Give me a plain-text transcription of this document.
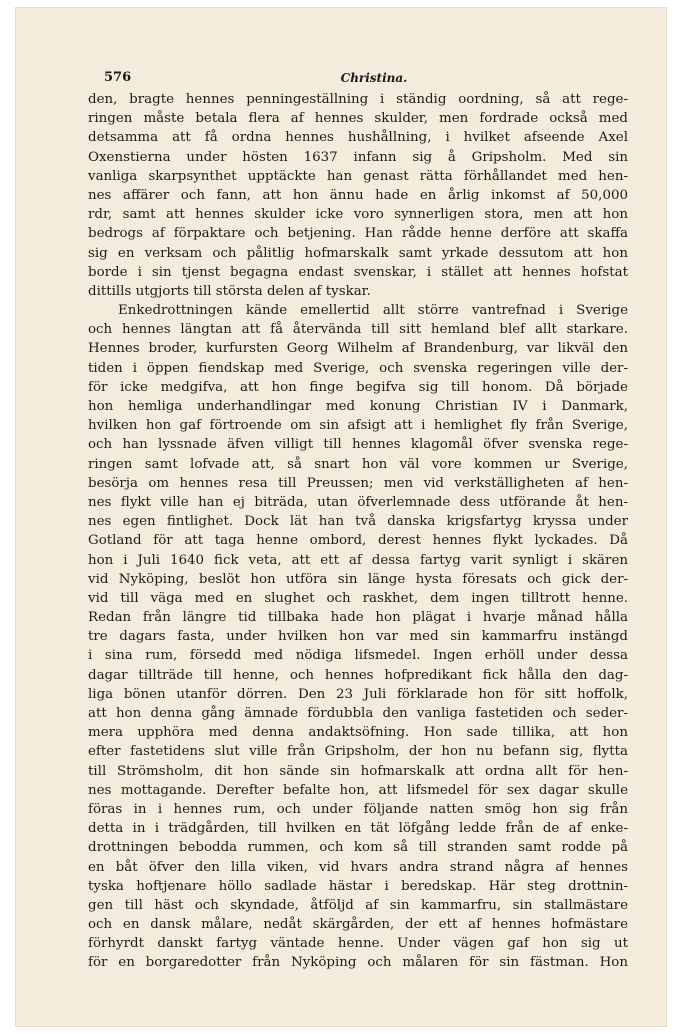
576	Christina.
den, bragte hennes penningeställning i ständig oordning, så att rege-
ringen måste betala flera af hennes skulder, men fordrade också med
detsamma att få ordna hennes hushållning, i hvilket afseende Axel
Oxenstierna under hösten 1637 infann sig å Gripsholm. Med sin
vanliga skarpsynthet upptäckte han genast rätta förhållandet med hen-
nes affärer och fann, att hon ännu hade en årlig inkomst af 50,000
rdr, samt att hennes skulder icke voro synnerligen stora, men att hon
bedrogs af förpaktare och betjening. Han rådde henne derföre att skaffa
sig en verksam och pålitlig hofmarskalk samt yrkade dessutom att hon
borde i sin tjenst begagna endast svenskar, i stället att hennes hofstat
dittills utgjorts till största delen af tyskar.
Enkedrottningen kände emellertid allt större vantrefnad i Sverige
och hennes längtan att få återvända till sitt hemland blef allt starkare.
Hennes broder, kurfursten Georg Wilhelm af Brandenburg, var likväl den
tiden i öppen fiendskap med Sverige, och svenska regeringen ville der-
för icke medgifva, att hon finge begifva sig till honom. Då började
hon hemliga underhandlingar med konung Christian IV i Danmark,
hvilken hon gaf förtroende om sin afsigt att i hemlighet fly från Sverige,
och han lyssnade äfven villigt till hennes klagomål öfver svenska rege-
ringen samt lofvade att, så snart hon väl vore kommen ur Sverige,
besörja om hennes resa till Preussen; men vid verkställigheten af hen-
nes flykt ville han ej biträda, utan öfverlemnade dess utförande åt hen-
nes egen fintlighet. Dock lät han två danska krigsfartyg kryssa under
Gotland för att taga henne ombord, derest hennes flykt lyckades. Då
hon i Juli 1640 fick veta, att ett af dessa fartyg varit synligt i skären
vid Nyköping, beslöt hon utföra sin länge hysta föresats och gick der-
vid till väga med en slughet och raskhet, dem ingen tilltrott henne.
Redan från längre tid tillbaka hade hon plägat i hvarje månad hålla
tre dagars fasta, under hvilken hon var med sin kammarfru instängd
i sina rum, försedd med nödiga lifsmedel. Ingen erhöll under dessa
dagar tillträde till henne, och hennes hofpredikant fick hålla den dag-
liga bönen utanför dörren. Den 23 Juli förklarade hon för sitt hoffolk,
att hon denna gång ämnade fördubbla den vanliga fastetiden och seder-
mera upphöra med denna andaktsöfning. Hon sade tillika, att hon
efter fastetidens slut ville från Gripsholm, der hon nu befann sig, flytta
till Strömsholm, dit hon sände sin hofmarskalk att ordna allt för hen-
nes mottagande. Derefter befalte hon, att lifsmedel för sex dagar skulle
föras in i hennes rum, och under följande natten smög hon sig från
detta in i trädgården, till hvilken en tät löfgång ledde från de af enke-
drottningen bebodda rummen, och kom så till stranden samt rodde på
en båt öfver den lilla viken, vid hvars andra strand några af hennes
tyska hoftjenare höllo sadlade hästar i beredskap. Här steg drottnin-
gen till häst och skyndade, åtföljd af sin kammarfru, sin stallmästare
och en dansk målare, nedåt skärgården, der ett af hennes hofmästare
förhyrdt danskt fartyg väntade henne. Under vägen gaf hon sig ut
för en borgaredotter från Nyköping och målaren för sin fästman. Hon
